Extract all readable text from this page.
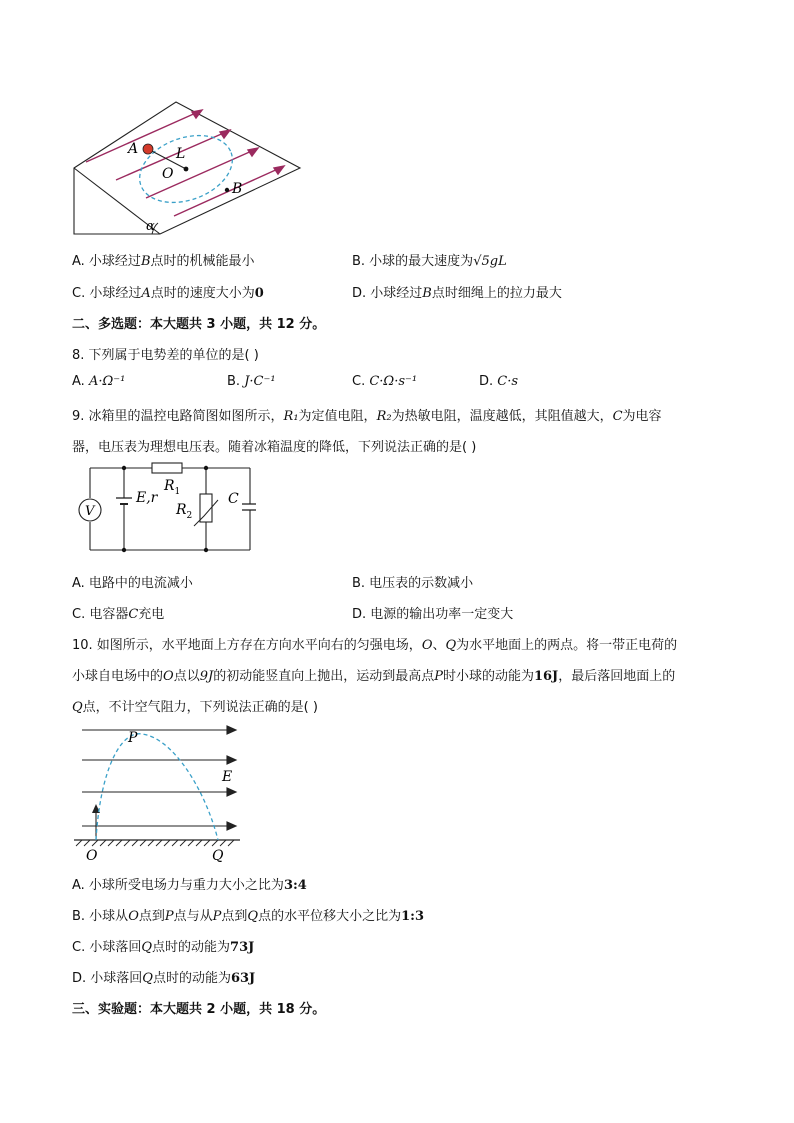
A	L
O
B
α
A. 小球经过B点时的机械能最小	B. 小球的最大速度为√5gL
C. 小球经过A点时的速度大小为0	D. 小球经过B点时细绳上的拉力最大
二、多选题：本大题共 3 小题，共 12 分。
8. 下列属于电势差的单位的是( )
A. A·Ω⁻¹	B. J·C⁻¹	C. C·Ω·s⁻¹	D. C·s
9. 冰箱里的温控电路简图如图所示，R₁为定值电阻，R₂为热敏电阻，温度越低，其阻值越大，C为电容
器，电压表为理想电压表。随着冰箱温度的降低，下列说法正确的是( )
V
E,r
$R_1$
$R_2$
C
A. 电路中的电流减小	B. 电压表的示数减小
C. 电容器C充电	D. 电源的输出功率一定变大
10. 如图所示，水平地面上方存在方向水平向右的匀强电场，O、Q为水平地面上的两点。将一带正电荷的
小球自电场中的O点以9J的初动能竖直向上抛出，运动到最高点P时小球的动能为16J，最后落回地面上的
Q点，不计空气阻力，下列说法正确的是( )
P
E
O	Q
A. 小球所受电场力与重力大小之比为3:4
B. 小球从O点到P点与从P点到Q点的水平位移大小之比为1:3
C. 小球落回Q点时的动能为73J
D. 小球落回Q点时的动能为63J
三、实验题：本大题共 2 小题，共 18 分。
